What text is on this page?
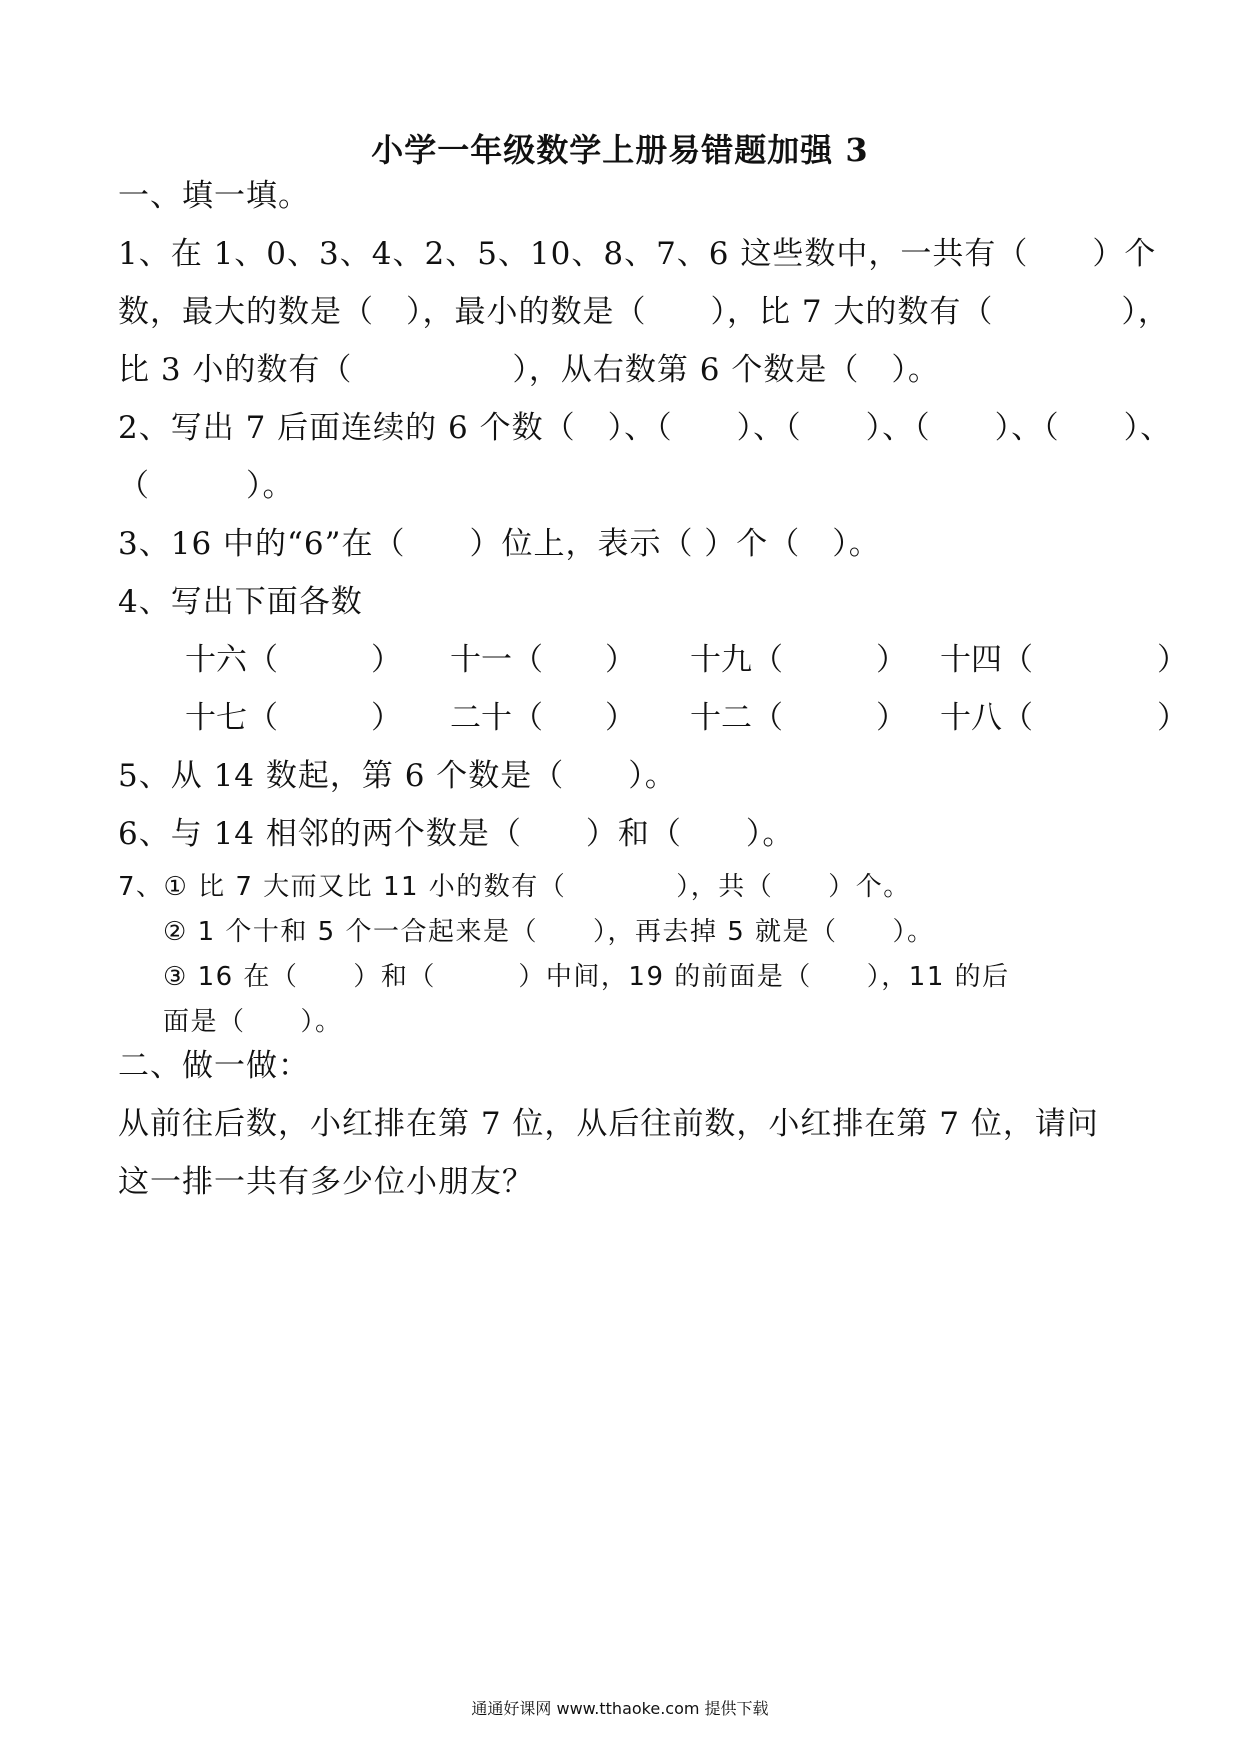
小学一年级数学上册易错题加强 3
一、填一填。
1、在 1、0、3、4、2、5、10、8、7、6 这些数中，一共有（　　）个
数，最大的数是（　），最小的数是（　　），比 7 大的数有（　　　　），
比 3 小的数有（　　　　　），从右数第 6 个数是（　）。
2、写出 7 后面连续的 6 个数（　）、（　　）、（　　）、（　　）、（　　）、
（　　　）。
3、16 中的“6”在（　　）位上，表示（ ）个（　）。
4、写出下面各数
十六（　　　） 十一（　　） 十九（　　　） 十四（　　　　）
十七（　　　） 二十（　　） 十二（　　　） 十八（　　　　）
5、从 14 数起，第 6 个数是（　　）。
6、与 14 相邻的两个数是（　　）和（　　）。
7、① 比 7 大而又比 11 小的数有（　　　　），共（　　）个。
② 1 个十和 5 个一合起来是（　　），再去掉 5 就是（　　）。
③ 16 在（　　）和（　　　）中间，19 的前面是（　　），11 的后
面是（　　）。
二、做一做：
从前往后数，小红排在第 7 位，从后往前数，小红排在第 7 位，请问
这一排一共有多少位小朋友？
通通好课网 www.tthaoke.com 提供下载
